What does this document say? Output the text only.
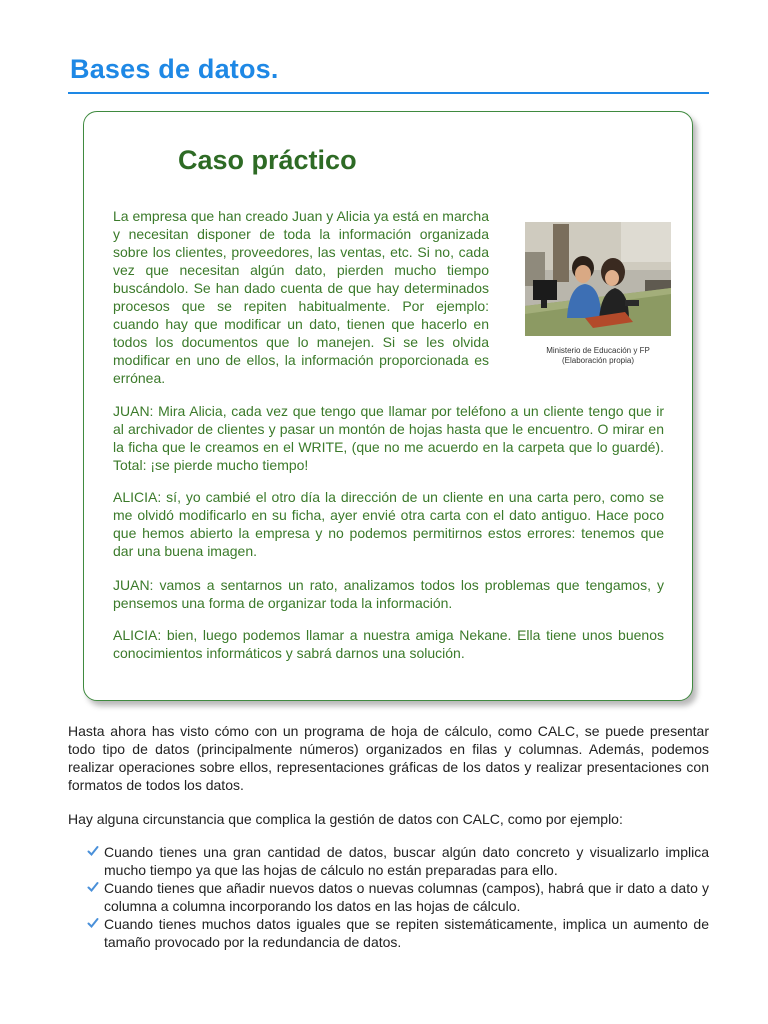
Bases de datos.
Caso práctico

La empresa que han creado Juan y Alicia ya está en marcha y necesitan disponer de toda la información organizada sobre los clientes, proveedores, las ventas, etc. Si no, cada vez que necesitan algún dato, pierden mucho tiempo buscándolo. Se han dado cuenta de que hay determinados procesos que se repiten habitualmente. Por ejemplo: cuando hay que modificar un dato, tienen que hacerlo en todos los documentos que lo manejen. Si se les olvida modificar en uno de ellos, la información proporcionada es errónea.

Ministerio de Educación y FP
(Elaboración propia)

JUAN: Mira Alicia, cada vez que tengo que llamar por teléfono a un cliente tengo que ir al archivador de clientes y pasar un montón de hojas hasta que le encuentro. O mirar en la ficha que le creamos en el WRITE, (que no me acuerdo en la carpeta que lo guardé). Total: ¡se pierde mucho tiempo!

ALICIA: sí, yo cambié el otro día la dirección de un cliente en una carta pero, como se me olvidó modificarlo en su ficha, ayer envié otra carta con el dato antiguo. Hace poco que hemos abierto la empresa y no podemos permitirnos estos errores: tenemos que dar una buena imagen.

JUAN: vamos a sentarnos un rato, analizamos todos los problemas que tengamos, y pensemos una forma de organizar toda la información.

ALICIA: bien, luego podemos llamar a nuestra amiga Nekane. Ella tiene unos buenos conocimientos informáticos y sabrá darnos una solución.

Hasta ahora has visto cómo con un programa de hoja de cálculo, como CALC, se puede presentar todo tipo de datos (principalmente números) organizados en filas y columnas. Además, podemos realizar operaciones sobre ellos, representaciones gráficas de los datos y realizar presentaciones con formatos de todos los datos.

Hay alguna circunstancia que complica la gestión de datos con CALC, como por ejemplo:

Cuando tienes una gran cantidad de datos, buscar algún dato concreto y visualizarlo implica mucho tiempo ya que las hojas de cálculo no están preparadas para ello.
Cuando tienes que añadir nuevos datos o nuevas columnas (campos), habrá que ir dato a dato y columna a columna incorporando los datos en las hojas de cálculo.
Cuando tienes muchos datos iguales que se repiten sistemáticamente, implica un aumento de tamaño provocado por la redundancia de datos.
